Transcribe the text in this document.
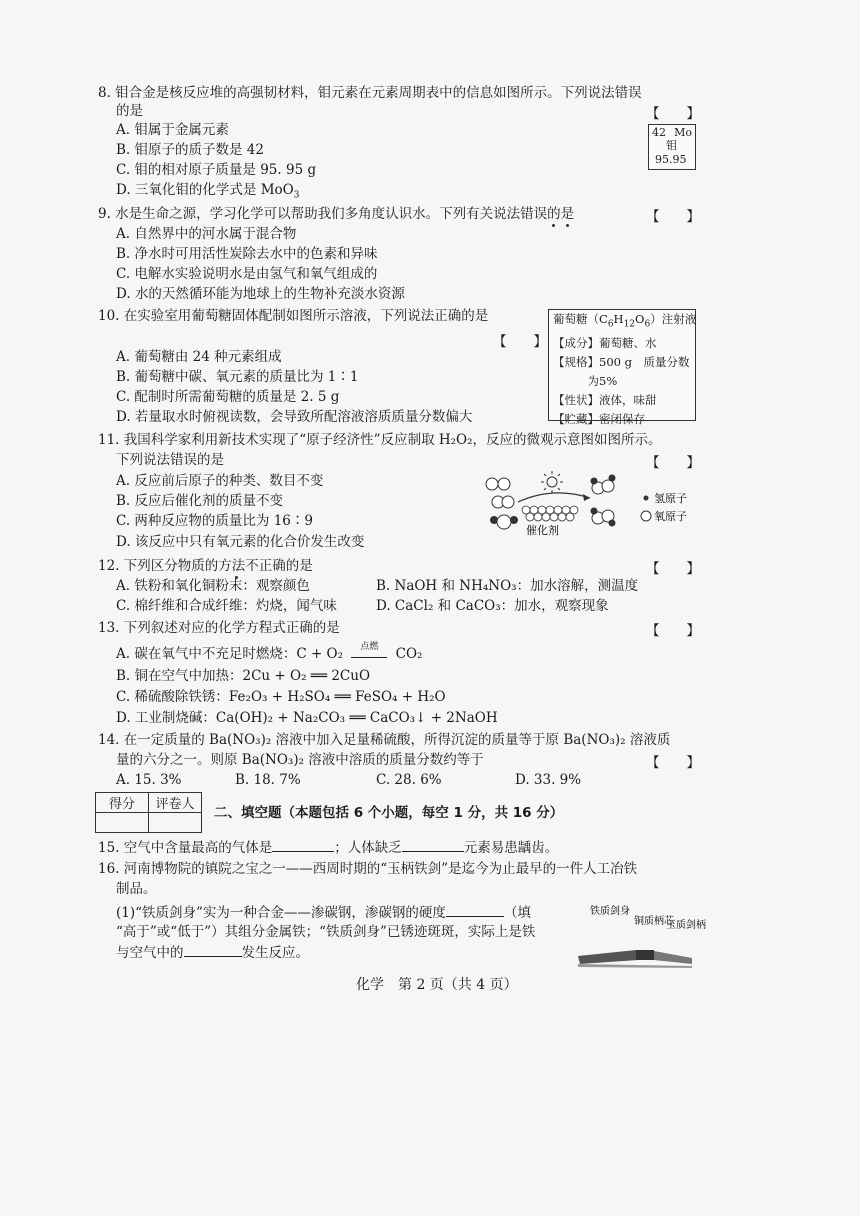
8. 钼合金是核反应堆的高强韧材料，钼元素在元素周期表中的信息如图所示。下列说法错误
的是	【　　】
A. 钼属于金属元素
B. 钼原子的质子数是 42
C. 钼的相对原子质量是 95. 95 g
D. 三氧化钼的化学式是 MoO$_3$
42 Mo
钼
95.95
9. 水是生命之源，学习化学可以帮助我们多角度认识水。下列有关说法错误的是	【　　】
A. 自然界中的河水属于混合物
B. 净水时可用活性炭除去水中的色素和异味
C. 电解水实验说明水是由氢气和氧气组成的
D. 水的天然循环能为地球上的生物补充淡水资源
10. 在实验室用葡萄糖固体配制如图所示溶液，下列说法正确的是
【　　】
A. 葡萄糖由 24 种元素组成
B. 葡萄糖中碳、氧元素的质量比为 1∶1
C. 配制时所需葡萄糖的质量是 2. 5 g
D. 若量取水时俯视读数，会导致所配溶液溶质质量分数偏大
葡萄糖$(C_6H_{12}O_6)$注射液
【成分】葡萄糖、水
【规格】500 g　质量分数
　　　为5%
【性状】液体，味甜
【贮藏】密闭保存
11. 我国科学家利用新技术实现了“原子经济性”反应制取 H₂O₂，反应的微观示意图如图所示。
下列说法错误的是	【　　】
A. 反应前后原子的种类、数目不变
B. 反应后催化剂的质量不变
C. 两种反应物的质量比为 16∶9
D. 该反应中只有氧元素的化合价发生改变
催化剂
氢原子
氧原子
12. 下列区分物质的方法不正确的是	【　　】
A. 铁粉和氧化铜粉末：观察颜色	B. NaOH 和 NH₄NO₃：加水溶解，测温度
C. 棉纤维和合成纤维：灼烧，闻气味	D. CaCl₂ 和 CaCO₃：加水，观察现象
13. 下列叙述对应的化学方程式正确的是	【　　】
A. 碳在氧气中不充足时燃烧：C + O₂	点燃	CO₂
B. 铜在空气中加热：2Cu + O₂ ══ 2CuO
C. 稀硫酸除铁锈：Fe₂O₃ + H₂SO₄ ══ FeSO₄ + H₂O
D. 工业制烧碱：Ca(OH)₂ + Na₂CO₃ ══ CaCO₃↓ + 2NaOH
14. 在一定质量的 Ba(NO₃)₂ 溶液中加入足量稀硫酸，所得沉淀的质量等于原 Ba(NO₃)₂ 溶液质
量的六分之一。则原 Ba(NO₃)₂ 溶液中溶质的质量分数约等于	【　　】
A. 15. 3%	B. 18. 7%	C. 28. 6%	D. 33. 9%
得分	评卷人

二、填空题（本题包括 6 个小题，每空 1 分，共 16 分）
15. 空气中含量最高的气体是	；人体缺乏	元素易患龋齿。
16. 河南博物院的镇院之宝之一——西周时期的“玉柄铁剑”是迄今为止最早的一件人工冶铁
制品。
(1)“铁质剑身”实为一种合金——渗碳钢，渗碳钢的硬度	（填
“高于”或“低于”）其组分金属铁；“铁质剑身”已锈迹斑斑，实际上是铁
与空气中的	发生反应。
铁质剑身
铜质柄芯
玉质剑柄
化学　第 2 页（共 4 页）
